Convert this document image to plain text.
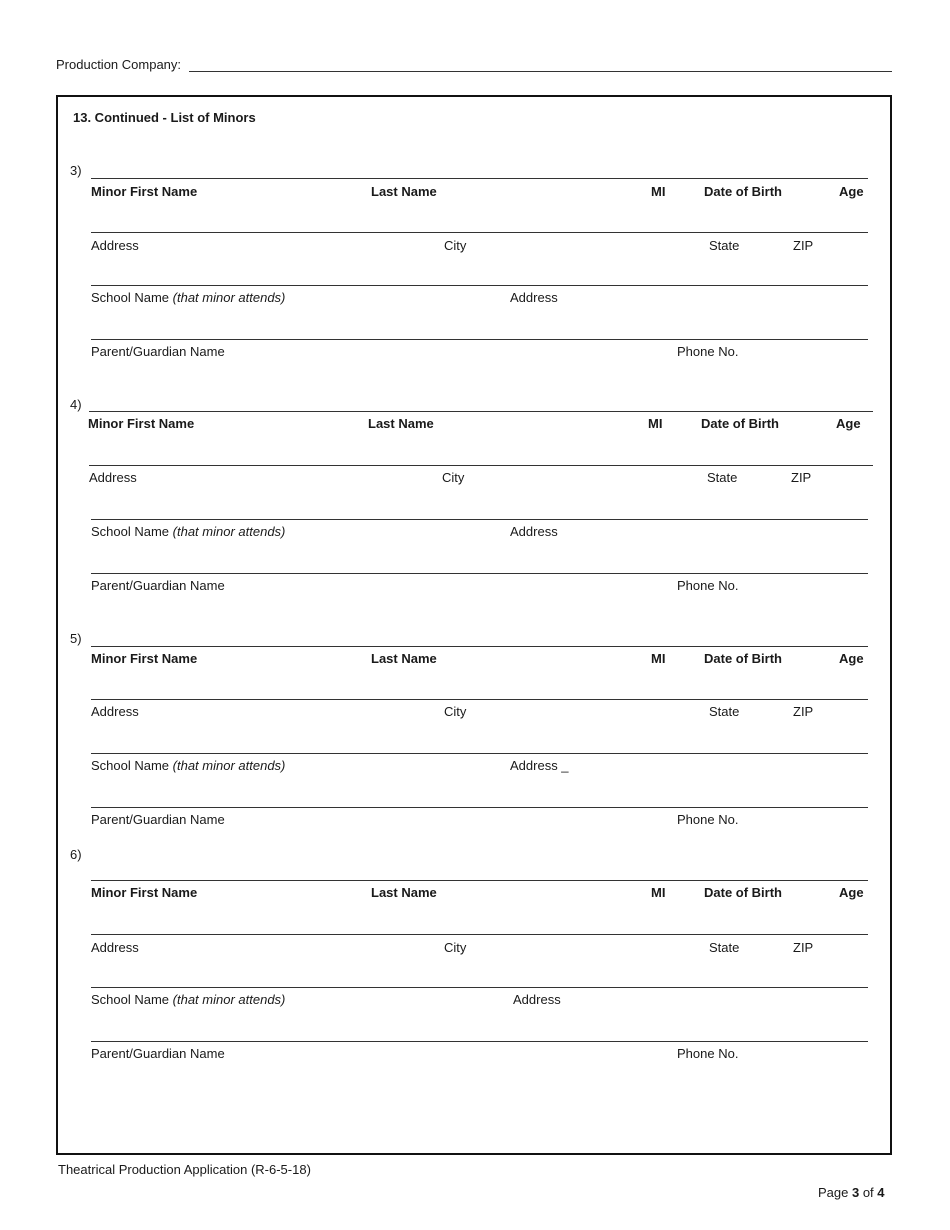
Production Company:
13. Continued - List of Minors
3)
Minor First Name	Last Name	MI	Date of Birth	Age
Address	City	State	ZIP
School Name (that minor attends)	Address
Parent/Guardian Name	Phone No.
4)
Minor First Name	Last Name	MI	Date of Birth	Age
Address	City	State	ZIP
School Name (that minor attends)	Address
Parent/Guardian Name	Phone No.
5)
Minor First Name	Last Name	MI	Date of Birth	Age
Address	City	State	ZIP
School Name (that minor attends)	Address _
Parent/Guardian Name	Phone No.
6)
Minor First Name	Last Name	MI	Date of Birth	Age
Address	City	State	ZIP
School Name (that minor attends)	Address
Parent/Guardian Name	Phone No.
Theatrical Production Application (R-6-5-18)
Page 3 of 4
